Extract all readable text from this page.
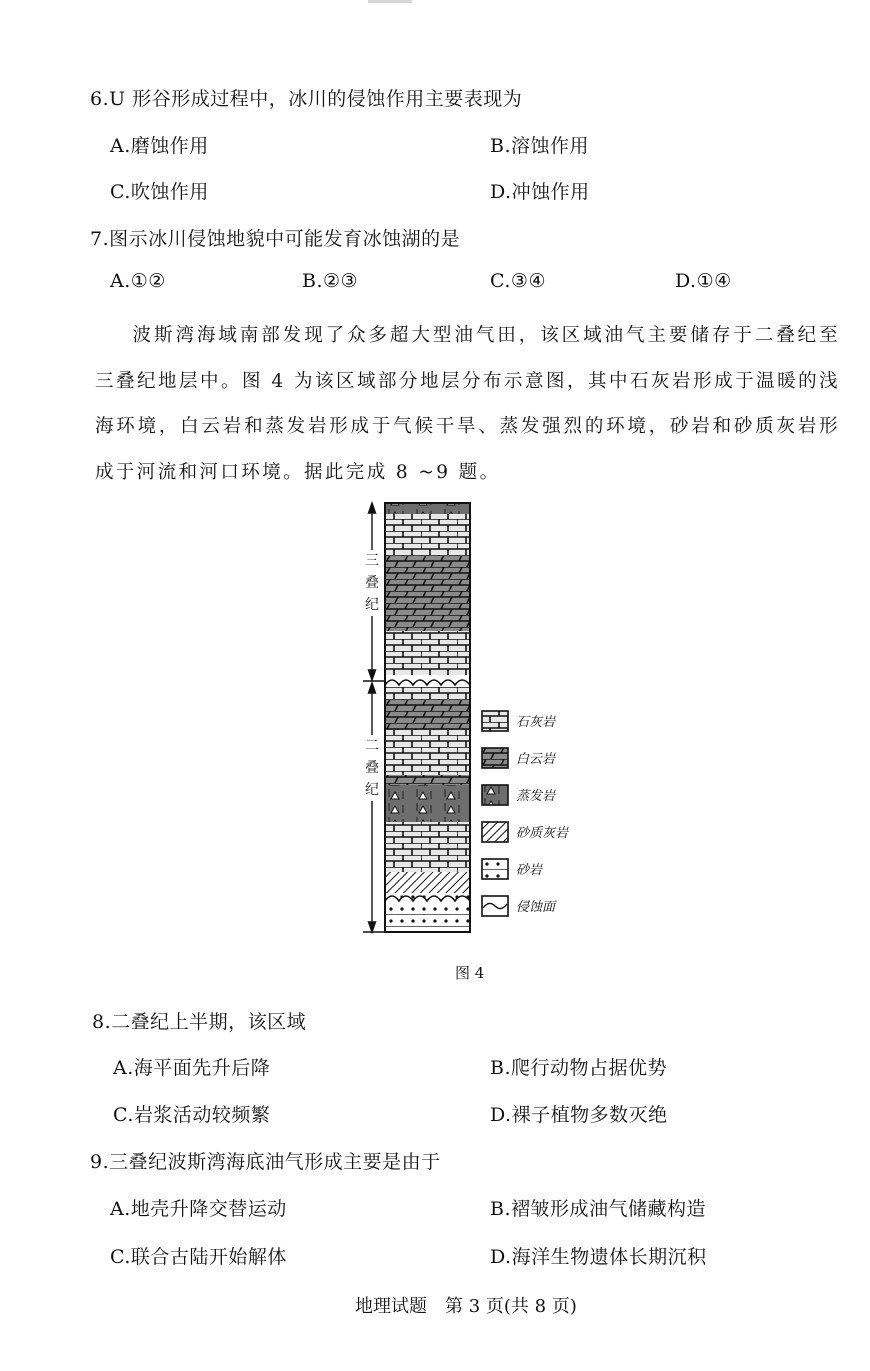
6.U 形谷形成过程中，冰川的侵蚀作用主要表现为
A.磨蚀作用	B.溶蚀作用
C.吹蚀作用	D.冲蚀作用
7.图示冰川侵蚀地貌中可能发育冰蚀湖的是
A.①②	B.②③	C.③④	D.①④
波斯湾海域南部发现了众多超大型油气田，该区域油气主要储存于二叠纪至三叠纪地层中。图 4 为该区域部分地层分布示意图，其中石灰岩形成于温暖的浅海环境，白云岩和蒸发岩形成于气候干旱、蒸发强烈的环境，砂岩和砂质灰岩形成于河流和河口环境。据此完成 8 ~9 题。
三
叠
纪
二
叠
纪
石灰岩
白云岩
蒸发岩
砂质灰岩
砂岩
侵蚀面
图 4
8.二叠纪上半期，该区域
A.海平面先升后降	B.爬行动物占据优势
C.岩浆活动较频繁	D.裸子植物多数灭绝
9.三叠纪波斯湾海底油气形成主要是由于
A.地壳升降交替运动	B.褶皱形成油气储藏构造
C.联合古陆开始解体	D.海洋生物遗体长期沉积
地理试题　第 3 页(共 8 页)
